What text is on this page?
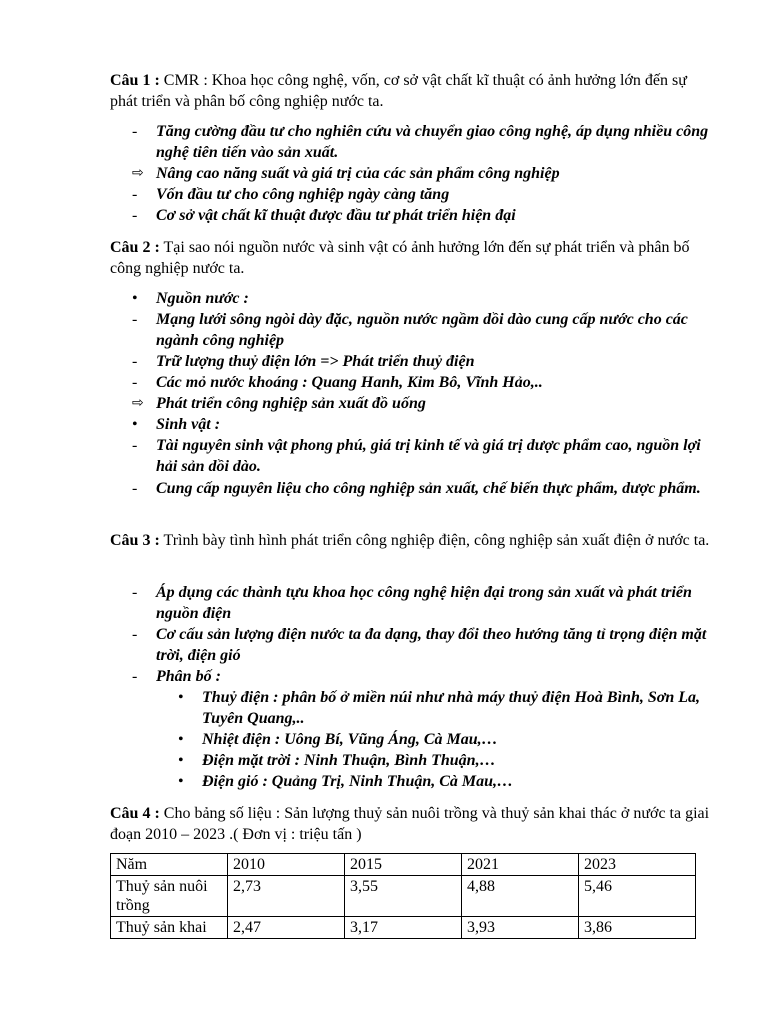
Câu 1 : CMR : Khoa học công nghệ, vốn, cơ sở vật chất kĩ thuật có ảnh hưởng lớn đến sự phát triển và phân bố công nghiệp nước ta.
-	Tăng cường đầu tư cho nghiên cứu và chuyển giao công nghệ, áp dụng nhiều công nghệ tiên tiến vào sản xuất.
⇨ Nâng cao năng suất và giá trị của các sản phẩm công nghiệp
-	Vốn đầu tư cho công nghiệp ngày càng tăng
-	Cơ sở vật chất kĩ thuật được đầu tư phát triển hiện đại
Câu 2 : Tại sao nói nguồn nước và sinh vật có ảnh hưởng lớn đến sự phát triển và phân bố công nghiệp nước ta.
•	Nguồn nước :
-	Mạng lưới sông ngòi dày đặc, nguồn nước ngầm dồi dào cung cấp nước cho các ngành công nghiệp
-	Trữ lượng thuỷ điện lớn => Phát triển thuỷ điện
-	Các mỏ nước khoáng : Quang Hanh, Kim Bô, Vĩnh Hảo,..
⇨ Phát triển công nghiệp sản xuất đồ uống
•	Sinh vật :
-	Tài nguyên sinh vật phong phú, giá trị kinh tế và giá trị dược phẩm cao, nguồn lợi hải sản dồi dào.
-	Cung cấp nguyên liệu cho công nghiệp sản xuất, chế biến thực phẩm, dược phẩm.
Câu 3 : Trình bày tình hình phát triển công nghiệp điện, công nghiệp sản xuất điện ở nước ta.
-	Áp dụng các thành tựu khoa học công nghệ hiện đại trong sản xuất và phát triển nguồn điện
-	Cơ cấu sản lượng điện nước ta đa dạng, thay đổi theo hướng tăng tỉ trọng điện mặt trời, điện gió
-	Phân bố :
•	Thuỷ điện : phân bố ở miền núi như nhà máy thuỷ điện Hoà Bình, Sơn La, Tuyên Quang,..
•	Nhiệt điện : Uông Bí, Vũng Áng, Cà Mau,…
•	Điện mặt trời : Ninh Thuận, Bình Thuận,…
•	Điện gió : Quảng Trị, Ninh Thuận, Cà Mau,…
Câu 4 : Cho bảng số liệu : Sản lượng thuỷ sản nuôi trồng và thuỷ sản khai thác ở nước ta giai đoạn 2010 – 2023 .( Đơn vị : triệu tấn )
Năm	2010	2015	2021	2023
Thuỷ sản nuôi trồng	2,73	3,55	4,88	5,46
Thuỷ sản khai	2,47	3,17	3,93	3,86
